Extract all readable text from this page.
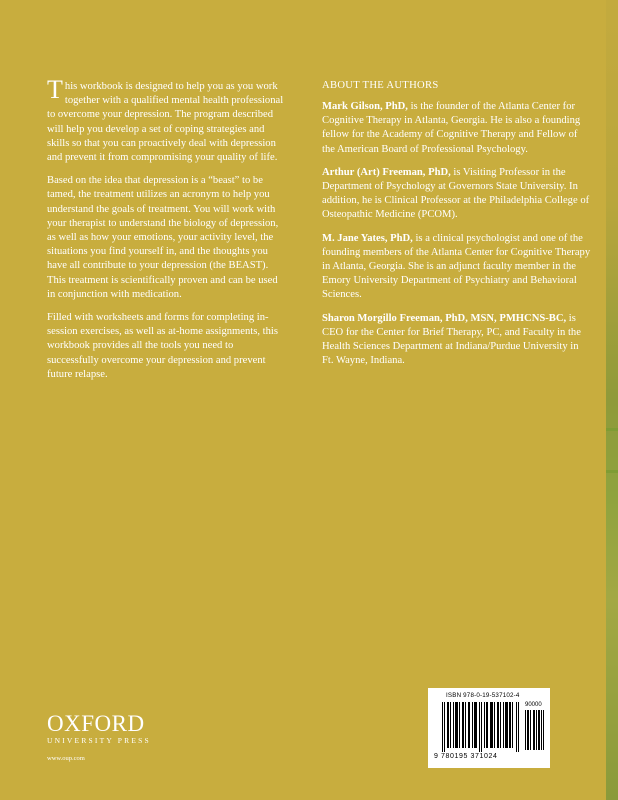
This workbook is designed to help you as you work together with a qualified mental health professional to overcome your depression. The program described will help you develop a set of coping strategies and skills so that you can proactively deal with depression and prevent it from compromising your quality of life.

Based on the idea that depression is a “beast” to be tamed, the treatment utilizes an acronym to help you understand the goals of treatment. You will work with your therapist to understand the biology of depression, as well as how your emotions, your activity level, the situations you find yourself in, and the thoughts you have all contribute to your depression (the BEAST). This treatment is scientifically proven and can be used in conjunction with medication.

Filled with worksheets and forms for completing in-session exercises, as well as at-home assignments, this workbook provides all the tools you need to successfully overcome your depression and prevent future relapse.

ABOUT THE AUTHORS

Mark Gilson, PhD, is the founder of the Atlanta Center for Cognitive Therapy in Atlanta, Georgia. He is also a founding fellow for the Academy of Cognitive Therapy and Fellow of the American Board of Professional Psychology.

Arthur (Art) Freeman, PhD, is Visiting Professor in the Department of Psychology at Governors State University. In addition, he is Clinical Professor at the Philadelphia College of Osteopathic Medicine (PCOM).

M. Jane Yates, PhD, is a clinical psychologist and one of the founding members of the Atlanta Center for Cognitive Therapy in Atlanta, Georgia. She is an adjunct faculty member in the Emory University Department of Psychiatry and Behavioral Sciences.

Sharon Morgillo Freeman, PhD, MSN, PMHCNS-BC, is CEO for the Center for Brief Therapy, PC, and Faculty in the Health Sciences Department at Indiana/Purdue University in Ft. Wayne, Indiana.

OXFORD
UNIVERSITY PRESS
www.oup.com
ISBN 978-0-19-537102-4
90000
9 780195 371024
